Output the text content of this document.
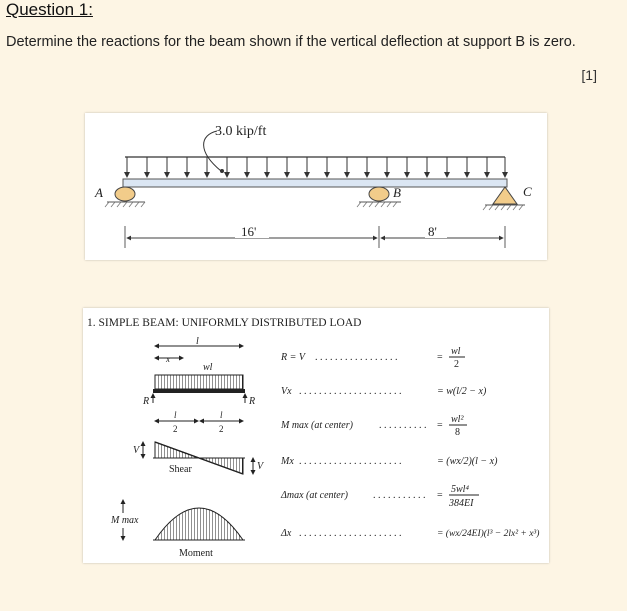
Question 1:
Determine the reactions for the beam shown if the vertical deflection at support B is zero.
[1]
3.0 kip/ft
A	B	C
16'	8'
1. SIMPLE BEAM: UNIFORMLY DISTRIBUTED LOAD
l
x
wl
R	R
l
2
l
2
Shear
V
V
M max
Moment
R = V . . . . . . . . . . . . . . . . .	=
wl
2
Vx . . . . . . . . . . . . . . . . . . . . .	= w(l/2 − x)
M max (at center)	. . . . . . . . . . =
wl²
8
Mx . . . . . . . . . . . . . . . . . . . . .	= (wx/2)(l − x)
Δmax (at center)	. . . . . . . . . . . =
5wl⁴
384EI
Δx . . . . . . . . . . . . . . . . . . . . .	= (wx/24EI)(l³ − 2lx² + x³)
